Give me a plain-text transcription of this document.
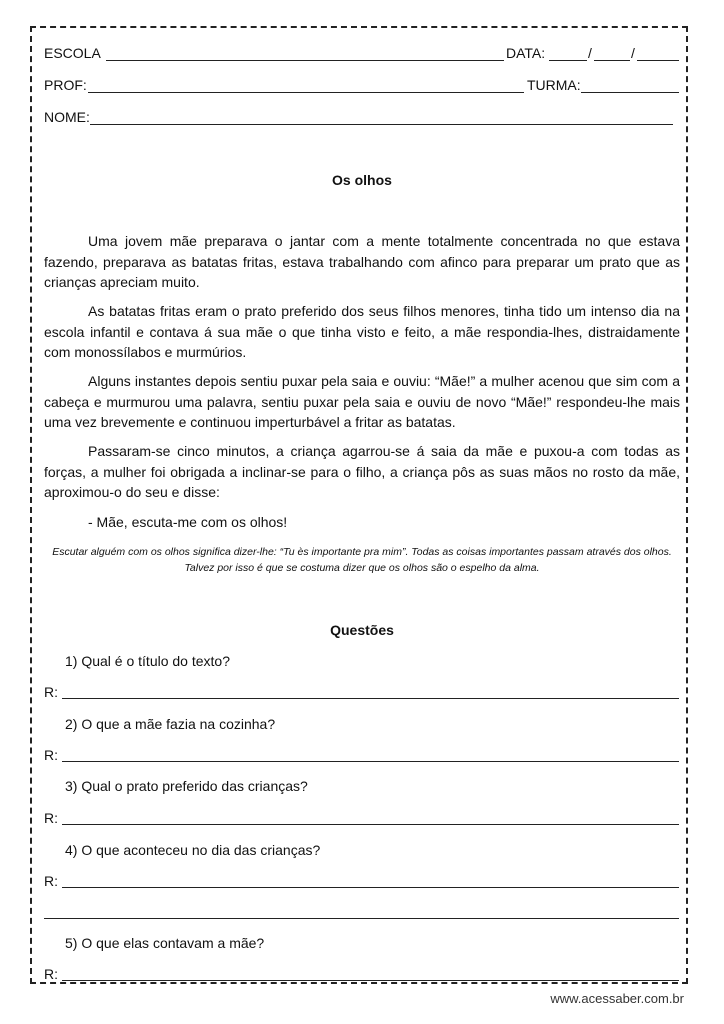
ESCOLA	DATA:	/	/
PROF:	TURMA:
NOME:
Os olhos
Uma jovem mãe preparava o jantar com a mente totalmente concentrada no que estava fazendo, preparava as batatas fritas, estava trabalhando com afinco para preparar um prato que as crianças apreciam muito.
As batatas fritas eram o prato preferido dos seus filhos menores, tinha tido um intenso dia na escola infantil e contava á sua mãe o que tinha visto e feito, a mãe respondia-lhes, distraidamente com monossílabos e murmúrios.
Alguns instantes depois sentiu puxar pela saia e ouviu: “Mãe!” a mulher acenou que sim com a cabeça e murmurou uma palavra, sentiu puxar pela saia e ouviu de novo “Mãe!” respondeu-lhe mais uma vez brevemente e continuou imperturbável a fritar as batatas.
Passaram-se cinco minutos, a criança agarrou-se á saia da mãe e puxou-a com todas as forças, a mulher foi obrigada a inclinar-se para o filho, a criança pôs as suas mãos no rosto da mãe, aproximou-o do seu e disse:
- Mãe, escuta-me com os olhos!
Escutar alguém com os olhos significa dizer-lhe: “Tu ès importante pra mim”. Todas as coisas importantes passam através dos olhos. Talvez por isso é que se costuma dizer que os olhos são o espelho da alma.
Questões
1) Qual é o título do texto?
R:
2) O que a mãe fazia na cozinha?
R:
3) Qual o prato preferido das crianças?
R:
4) O que aconteceu no dia das crianças?
R:
5) O que elas contavam a mãe?
R:
www.acessaber.com.br
